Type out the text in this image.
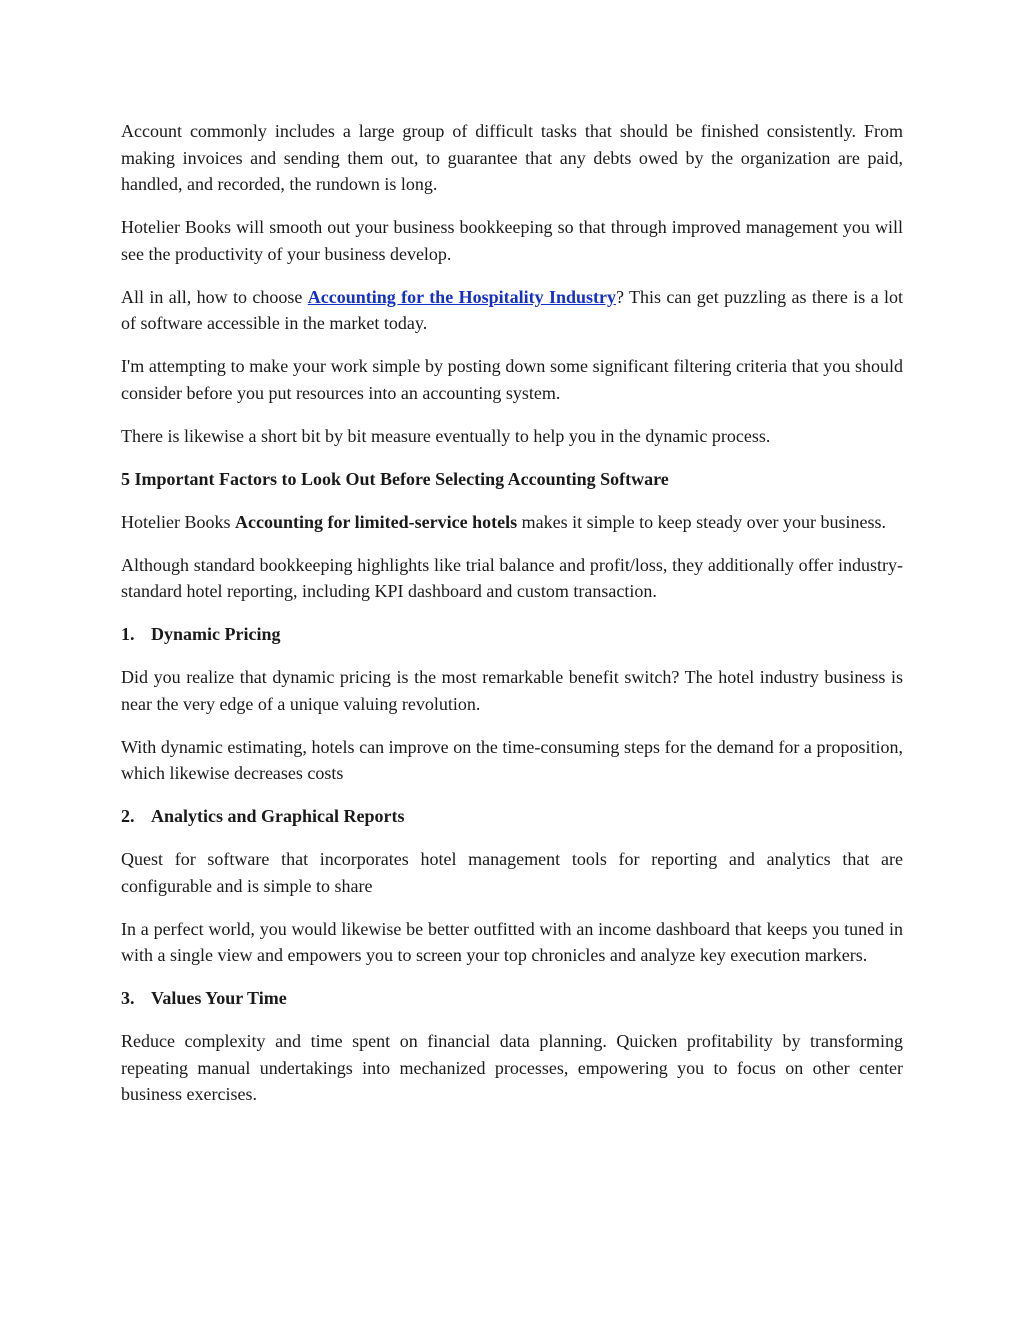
Account commonly includes a large group of difficult tasks that should be finished consistently. From making invoices and sending them out, to guarantee that any debts owed by the organization are paid, handled, and recorded, the rundown is long.

Hotelier Books will smooth out your business bookkeeping so that through improved management you will see the productivity of your business develop.

All in all, how to choose Accounting for the Hospitality Industry? This can get puzzling as there is a lot of software accessible in the market today.

I'm attempting to make your work simple by posting down some significant filtering criteria that you should consider before you put resources into an accounting system.

There is likewise a short bit by bit measure eventually to help you in the dynamic process.

5 Important Factors to Look Out Before Selecting Accounting Software

Hotelier Books Accounting for limited-service hotels makes it simple to keep steady over your business.

Although standard bookkeeping highlights like trial balance and profit/loss, they additionally offer industry-standard hotel reporting, including KPI dashboard and custom transaction.

1. Dynamic Pricing

Did you realize that dynamic pricing is the most remarkable benefit switch? The hotel industry business is near the very edge of a unique valuing revolution.

With dynamic estimating, hotels can improve on the time-consuming steps for the demand for a proposition, which likewise decreases costs

2. Analytics and Graphical Reports

Quest for software that incorporates hotel management tools for reporting and analytics that are configurable and is simple to share

In a perfect world, you would likewise be better outfitted with an income dashboard that keeps you tuned in with a single view and empowers you to screen your top chronicles and analyze key execution markers.

3. Values Your Time

Reduce complexity and time spent on financial data planning. Quicken profitability by transforming repeating manual undertakings into mechanized processes, empowering you to focus on other center business exercises.
